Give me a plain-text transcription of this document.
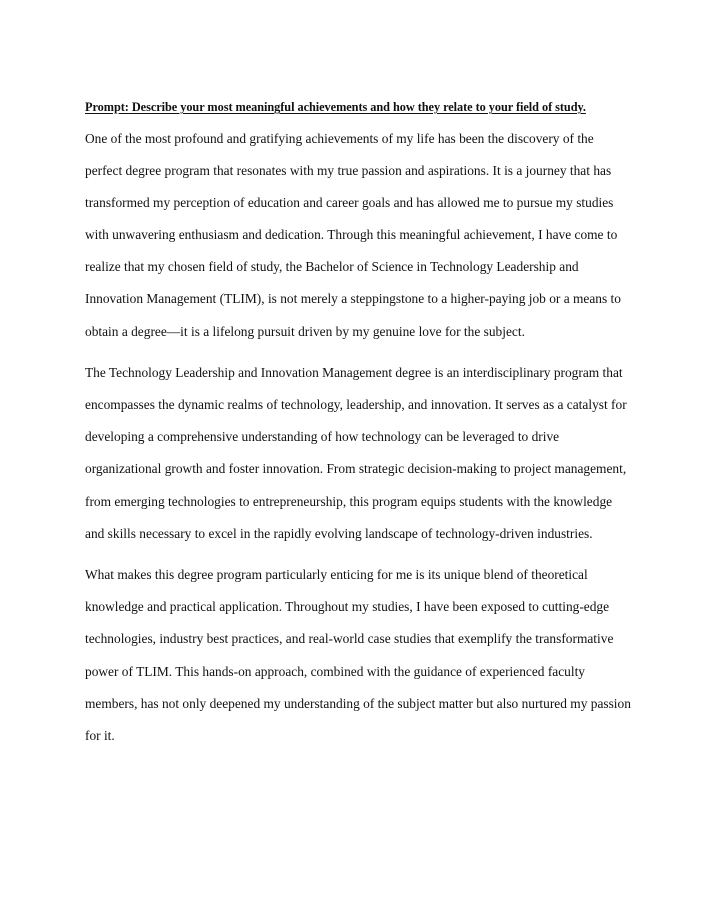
Prompt: Describe your most meaningful achievements and how they relate to your field of study.

One of the most profound and gratifying achievements of my life has been the discovery of the perfect degree program that resonates with my true passion and aspirations. It is a journey that has transformed my perception of education and career goals and has allowed me to pursue my studies with unwavering enthusiasm and dedication. Through this meaningful achievement, I have come to realize that my chosen field of study, the Bachelor of Science in Technology Leadership and Innovation Management (TLIM), is not merely a steppingstone to a higher-paying job or a means to obtain a degree—it is a lifelong pursuit driven by my genuine love for the subject.

The Technology Leadership and Innovation Management degree is an interdisciplinary program that encompasses the dynamic realms of technology, leadership, and innovation. It serves as a catalyst for developing a comprehensive understanding of how technology can be leveraged to drive organizational growth and foster innovation. From strategic decision-making to project management, from emerging technologies to entrepreneurship, this program equips students with the knowledge and skills necessary to excel in the rapidly evolving landscape of technology-driven industries.

What makes this degree program particularly enticing for me is its unique blend of theoretical knowledge and practical application. Throughout my studies, I have been exposed to cutting-edge technologies, industry best practices, and real-world case studies that exemplify the transformative power of TLIM. This hands-on approach, combined with the guidance of experienced faculty members, has not only deepened my understanding of the subject matter but also nurtured my passion for it.
